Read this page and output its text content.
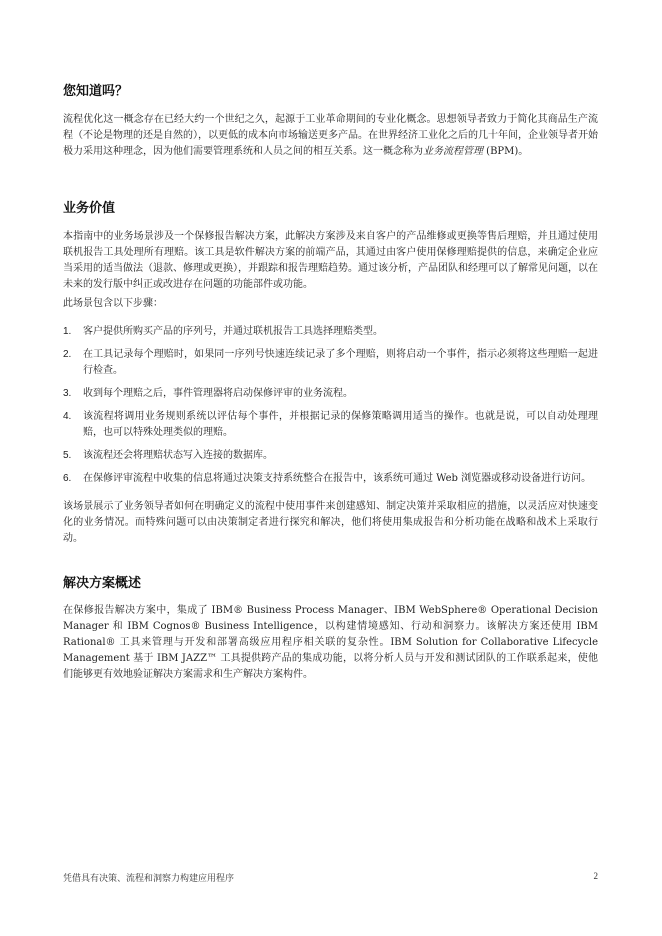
您知道吗？

流程优化这一概念存在已经大约一个世纪之久，起源于工业革命期间的专业化概念。思想领导者致力于简化其商品生产流程（不论是物理的还是自然的），以更低的成本向市场输送更多产品。在世界经济工业化之后的几十年间，企业领导者开始极力采用这种理念，因为他们需要管理系统和人员之间的相互关系。这一概念称为业务流程管理 (BPM)。

业务价值

本指南中的业务场景涉及一个保修报告解决方案，此解决方案涉及来自客户的产品维修或更换等售后理赔，并且通过使用联机报告工具处理所有理赔。该工具是软件解决方案的前端产品，其通过由客户使用保修理赔提供的信息，来确定企业应当采用的适当做法（退款、修理或更换），并跟踪和报告理赔趋势。通过该分析，产品团队和经理可以了解常见问题，以在未来的发行版中纠正或改进存在问题的功能部件或功能。

此场景包含以下步骤：

1. 客户提供所购买产品的序列号，并通过联机报告工具选择理赔类型。
2. 在工具记录每个理赔时，如果同一序列号快速连续记录了多个理赔，则将启动一个事件，指示必须将这些理赔一起进行检查。
3. 收到每个理赔之后，事件管理器将启动保修评审的业务流程。
4. 该流程将调用业务规则系统以评估每个事件，并根据记录的保修策略调用适当的操作。也就是说，可以自动处理理赔，也可以特殊处理类似的理赔。
5. 该流程还会将理赔状态写入连接的数据库。
6. 在保修评审流程中收集的信息将通过决策支持系统整合在报告中，该系统可通过 Web 浏览器或移动设备进行访问。

该场景展示了业务领导者如何在明确定义的流程中使用事件来创建感知、制定决策并采取相应的措施，以灵活应对快速变化的业务情况。而特殊问题可以由决策制定者进行探究和解决，他们将使用集成报告和分析功能在战略和战术上采取行动。

解决方案概述

在保修报告解决方案中，集成了 IBM® Business Process Manager、IBM WebSphere® Operational Decision Manager 和 IBM Cognos® Business Intelligence，以构建情境感知、行动和洞察力。该解决方案还使用 IBM Rational® 工具来管理与开发和部署高级应用程序相关联的复杂性。IBM Solution for Collaborative Lifecycle Management 基于 IBM JAZZ™ 工具提供跨产品的集成功能，以将分析人员与开发和测试团队的工作联系起来，使他们能够更有效地验证解决方案需求和生产解决方案构件。

凭借具有决策、流程和洞察力构建应用程序	2
